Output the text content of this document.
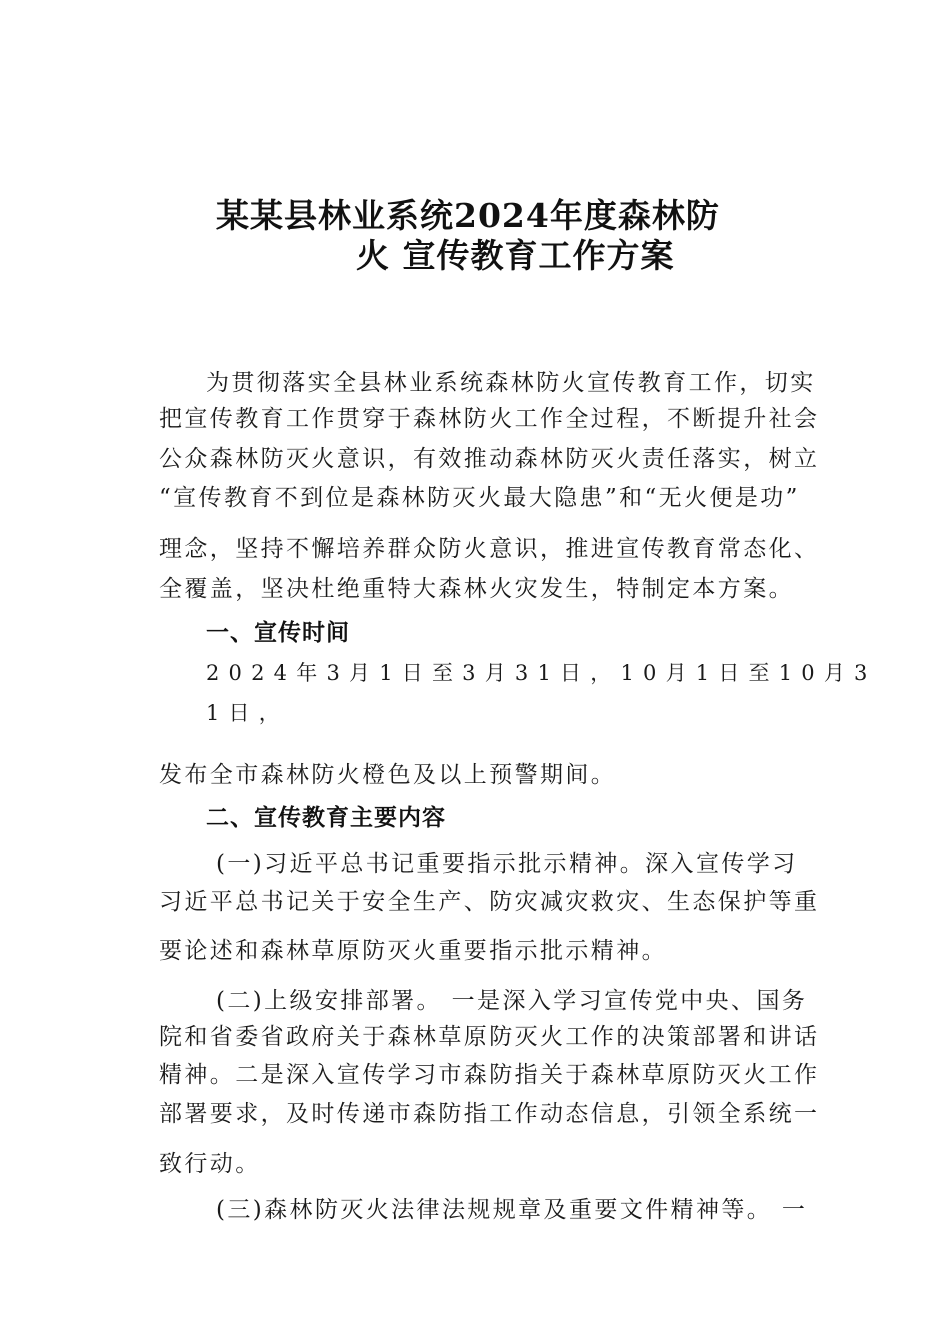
某某县林业系统2024年度森林防
火 宣传教育工作方案
为贯彻落实全县林业系统森林防火宣传教育工作，切实
把宣传教育工作贯穿于森林防火工作全过程，不断提升社会
公众森林防灭火意识，有效推动森林防灭火责任落实，树立
“宣传教育不到位是森林防灭火最大隐患”和“无火便是功”
理念，坚持不懈培养群众防火意识，推进宣传教育常态化、
全覆盖，坚决杜绝重特大森林火灾发生，特制定本方案。
一、宣传时间
2024年3月1日至3月31日，10月1日至10月3
1日，
发布全市森林防火橙色及以上预警期间。
二、宣传教育主要内容
(一)习近平总书记重要指示批示精神。深入宣传学习
习近平总书记关于安全生产、防灾减灾救灾、生态保护等重
要论述和森林草原防灭火重要指示批示精神。
(二)上级安排部署。 一是深入学习宣传党中央、国务
院和省委省政府关于森林草原防灭火工作的决策部署和讲话
精神。二是深入宣传学习市森防指关于森林草原防灭火工作
部署要求，及时传递市森防指工作动态信息，引领全系统一
致行动。
(三)森林防灭火法律法规规章及重要文件精神等。 一
